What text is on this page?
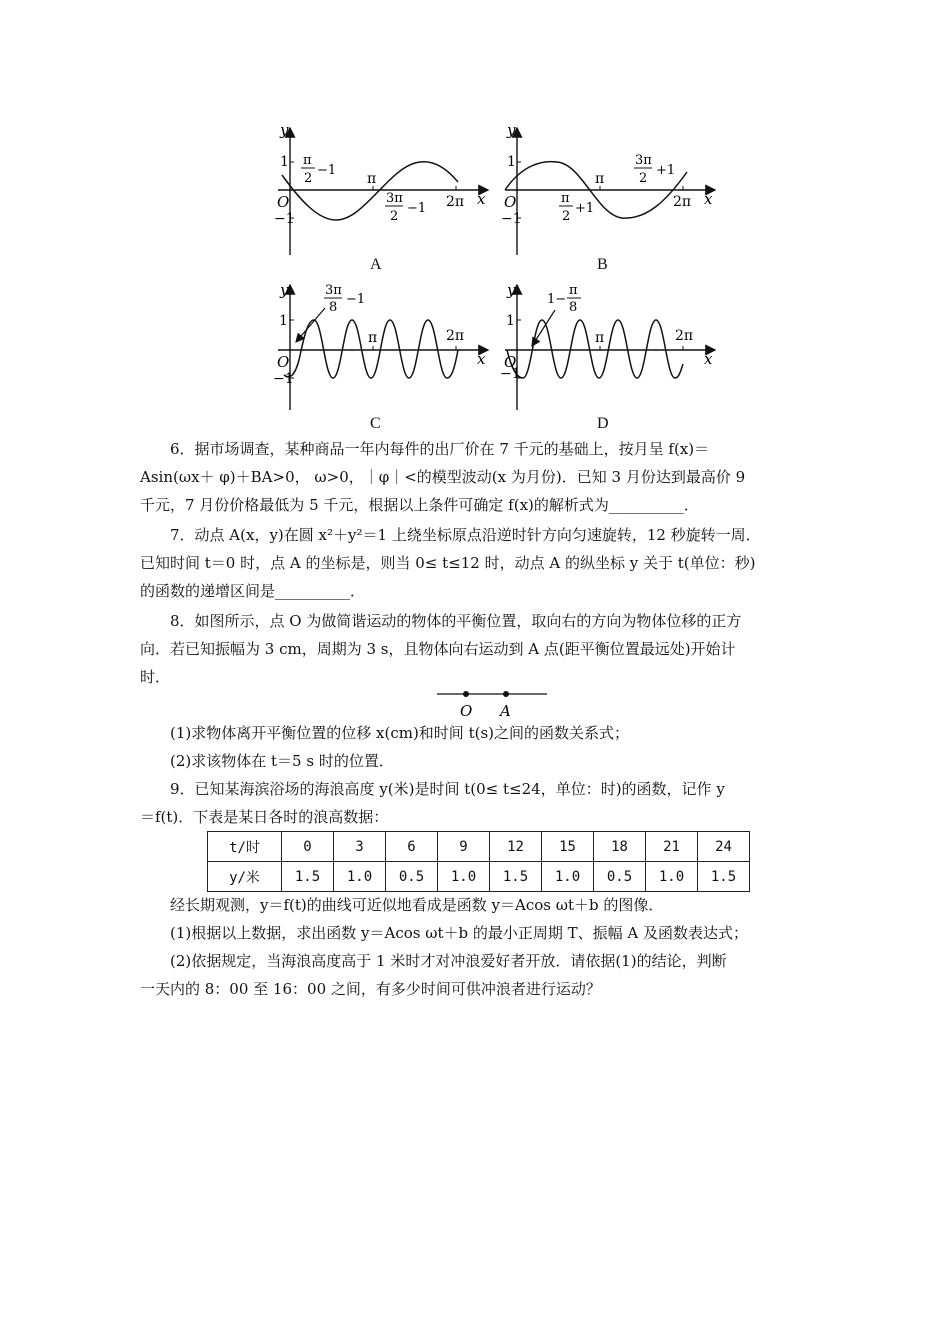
y
x
O
1
−1
π
2π
π
2
−1
3π
2
−1
A
y
x
O
1
−1
π
2π
π
2
+1
3π
2
+1
B
y
x
O
1
−1
π	2π
3π
8
−1
C
y
x
O
1
−1
π	2π
1−
π
8
D
6．据市场调查，某种商品一年内每件的出厂价在 7 千元的基础上，按月呈 f(x)＝
Asin(ωx＋ φ)＋BA>0， ω>0，｜φ｜<的模型波动(x 为月份)．已知 3 月份达到最高价 9
千元，7 月份价格最低为 5 千元，根据以上条件可确定 f(x)的解析式为__________．
7．动点 A(x，y)在圆 x²＋y²＝1 上绕坐标原点沿逆时针方向匀速旋转，12 秒旋转一周．
已知时间 t＝0 时，点 A 的坐标是，则当 0≤ t≤12 时，动点 A 的纵坐标 y 关于 t(单位：秒)
的函数的递增区间是__________．
8．如图所示，点 O 为做简谐运动的物体的平衡位置，取向右的方向为物体位移的正方
向．若已知振幅为 3 cm，周期为 3 s，且物体向右运动到 A 点(距平衡位置最远处)开始计
时．
O A
(1)求物体离开平衡位置的位移 x(cm)和时间 t(s)之间的函数关系式；
(2)求该物体在 t＝5 s 时的位置．
9．已知某海滨浴场的海浪高度 y(米)是时间 t(0≤ t≤24，单位：时)的函数，记作 y
＝f(t)．下表是某日各时的浪高数据：
t/时	0	3	6	9	12	15	18	21	24
y/米	1.5	1.0	0.5	1.0	1.5	1.0	0.5	1.0	1.5
经长期观测，y＝f(t)的曲线可近似地看成是函数 y＝Acos ωt＋b 的图像．
(1)根据以上数据，求出函数 y＝Acos ωt＋b 的最小正周期 T、振幅 A 及函数表达式；
(2)依据规定，当海浪高度高于 1 米时才对冲浪爱好者开放．请依据(1)的结论，判断
一天内的 8：00 至 16：00 之间，有多少时间可供冲浪者进行运动？
